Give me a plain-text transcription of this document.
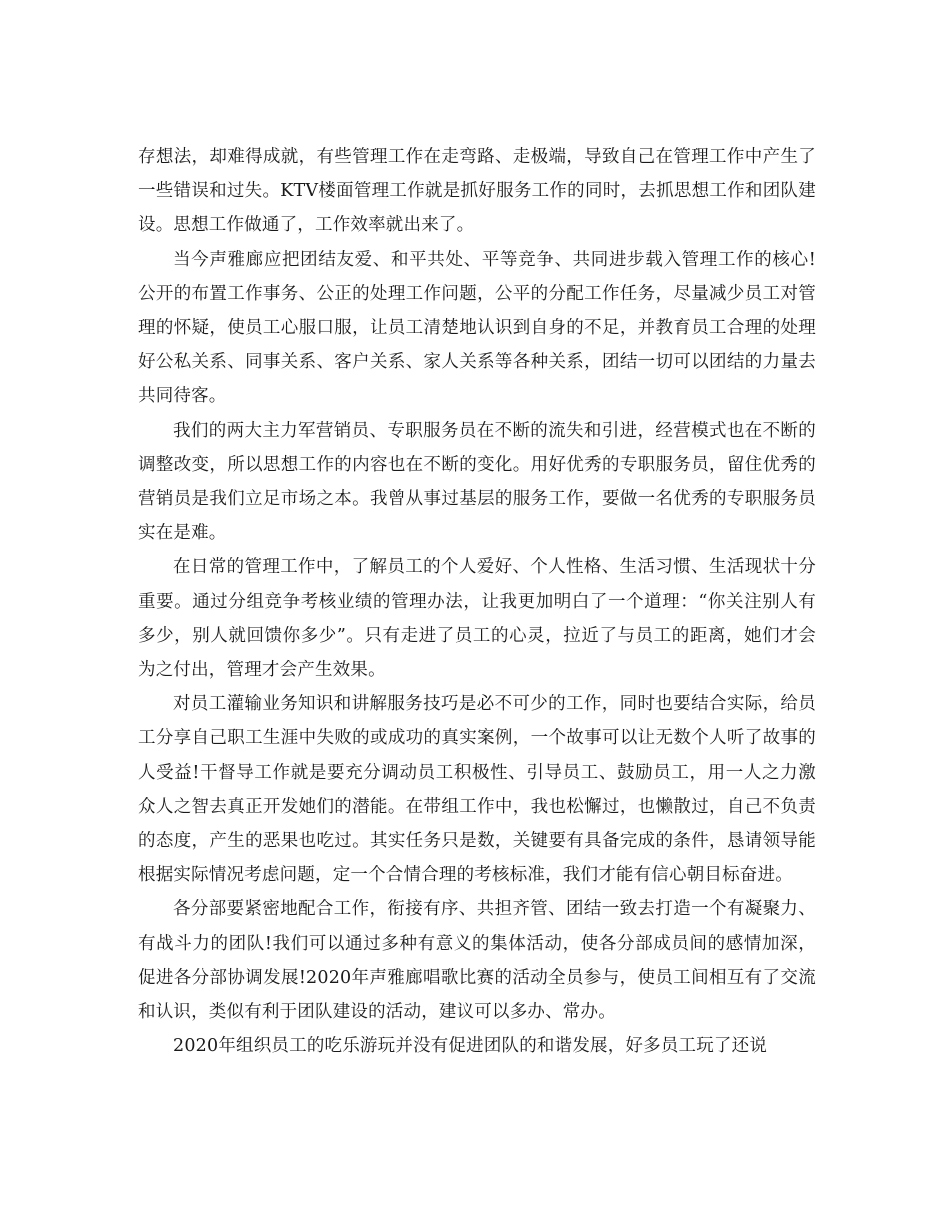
存想法，却难得成就，有些管理工作在走弯路、走极端，导致自己在管理工作中产生了一些错误和过失。KTV楼面管理工作就是抓好服务工作的同时，去抓思想工作和团队建设。思想工作做通了，工作效率就出来了。

当今声雅廊应把团结友爱、和平共处、平等竞争、共同进步载入管理工作的核心!公开的布置工作事务、公正的处理工作问题，公平的分配工作任务，尽量减少员工对管理的怀疑，使员工心服口服，让员工清楚地认识到自身的不足，并教育员工合理的处理好公私关系、同事关系、客户关系、家人关系等各种关系，团结一切可以团结的力量去共同待客。

我们的两大主力军营销员、专职服务员在不断的流失和引进，经营模式也在不断的调整改变，所以思想工作的内容也在不断的变化。用好优秀的专职服务员，留住优秀的营销员是我们立足市场之本。我曾从事过基层的服务工作，要做一名优秀的专职服务员实在是难。

在日常的管理工作中，了解员工的个人爱好、个人性格、生活习惯、生活现状十分重要。通过分组竞争考核业绩的管理办法，让我更加明白了一个道理：“你关注别人有多少，别人就回馈你多少”。只有走进了员工的心灵，拉近了与员工的距离，她们才会为之付出，管理才会产生效果。

对员工灌输业务知识和讲解服务技巧是必不可少的工作，同时也要结合实际，给员工分享自己职工生涯中失败的或成功的真实案例，一个故事可以让无数个人听了故事的人受益!干督导工作就是要充分调动员工积极性、引导员工、鼓励员工，用一人之力激众人之智去真正开发她们的潜能。在带组工作中，我也松懈过，也懒散过，自己不负责的态度，产生的恶果也吃过。其实任务只是数，关键要有具备完成的条件，恳请领导能根据实际情况考虑问题，定一个合情合理的考核标准，我们才能有信心朝目标奋进。

各分部要紧密地配合工作，衔接有序、共担齐管、团结一致去打造一个有凝聚力、有战斗力的团队!我们可以通过多种有意义的集体活动，使各分部成员间的感情加深，促进各分部协调发展!2020年声雅廊唱歌比赛的活动全员参与，使员工间相互有了交流和认识，类似有利于团队建设的活动，建议可以多办、常办。

2020年组织员工的吃乐游玩并没有促进团队的和谐发展，好多员工玩了还说
